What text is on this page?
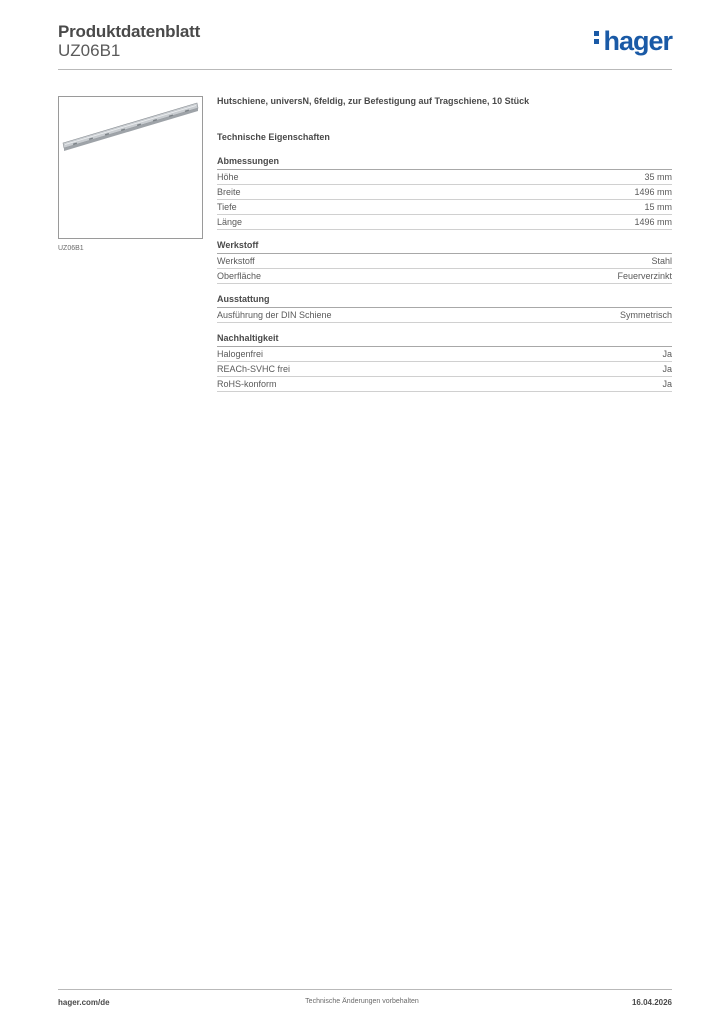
Produktdatenblatt
UZ06B1	hager
UZ06B1

Hutschiene, universN, 6feldig, zur Befestigung auf Tragschiene, 10 Stück

Technische Eigenschaften
Abmessungen
Höhe	35 mm
Breite	1496 mm
Tiefe	15 mm
Länge	1496 mm
Werkstoff
Werkstoff	Stahl
Oberfläche	Feuerverzinkt
Ausstattung
Ausführung der DIN Schiene	Symmetrisch
Nachhaltigkeit
Halogenfrei	Ja
REACh-SVHC frei	Ja
RoHS-konform	Ja
Technische Änderungen vorbehalten
hager.com/de	16.04.2026
